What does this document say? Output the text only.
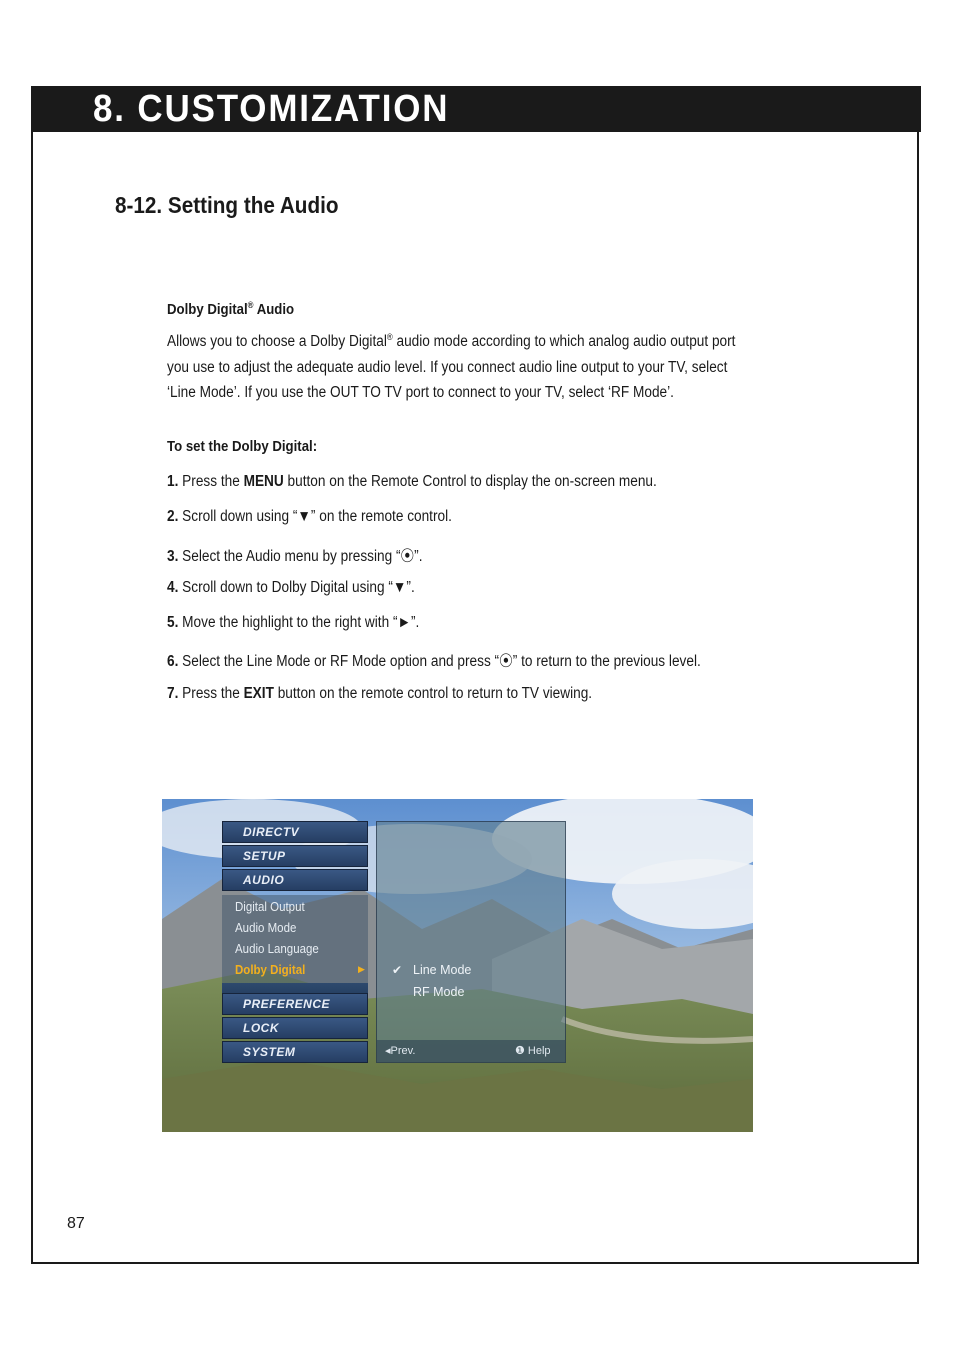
8. CUSTOMIZATION
8-12. Setting the Audio
Dolby Digital® Audio
Allows you to choose a Dolby Digital® audio mode according to which analog audio output port
you use to adjust the adequate audio level. If you connect audio line output to your TV, select
‘Line Mode’. If you use the OUT TO TV port to connect to your TV, select ‘RF Mode’.
To set the Dolby Digital:
1. Press the MENU button on the Remote Control to display the on-screen menu.
2. Scroll down using “▼” on the remote control.
3. Select the Audio menu by pressing “⦿”.
4. Scroll down to Dolby Digital using “▼”.
5. Move the highlight to the right with “►”.
6. Select the Line Mode or RF Mode option and press “⦿” to return to the previous level.
7. Press the EXIT button on the remote control to return to TV viewing.
DIRECTV
SETUP
AUDIO
Digital Output
Audio Mode
Audio Language
Dolby Digital	▶
PREFERENCE
LOCK
SYSTEM
✔ Line Mode
RF Mode
◂Prev.	❶ Help
87
